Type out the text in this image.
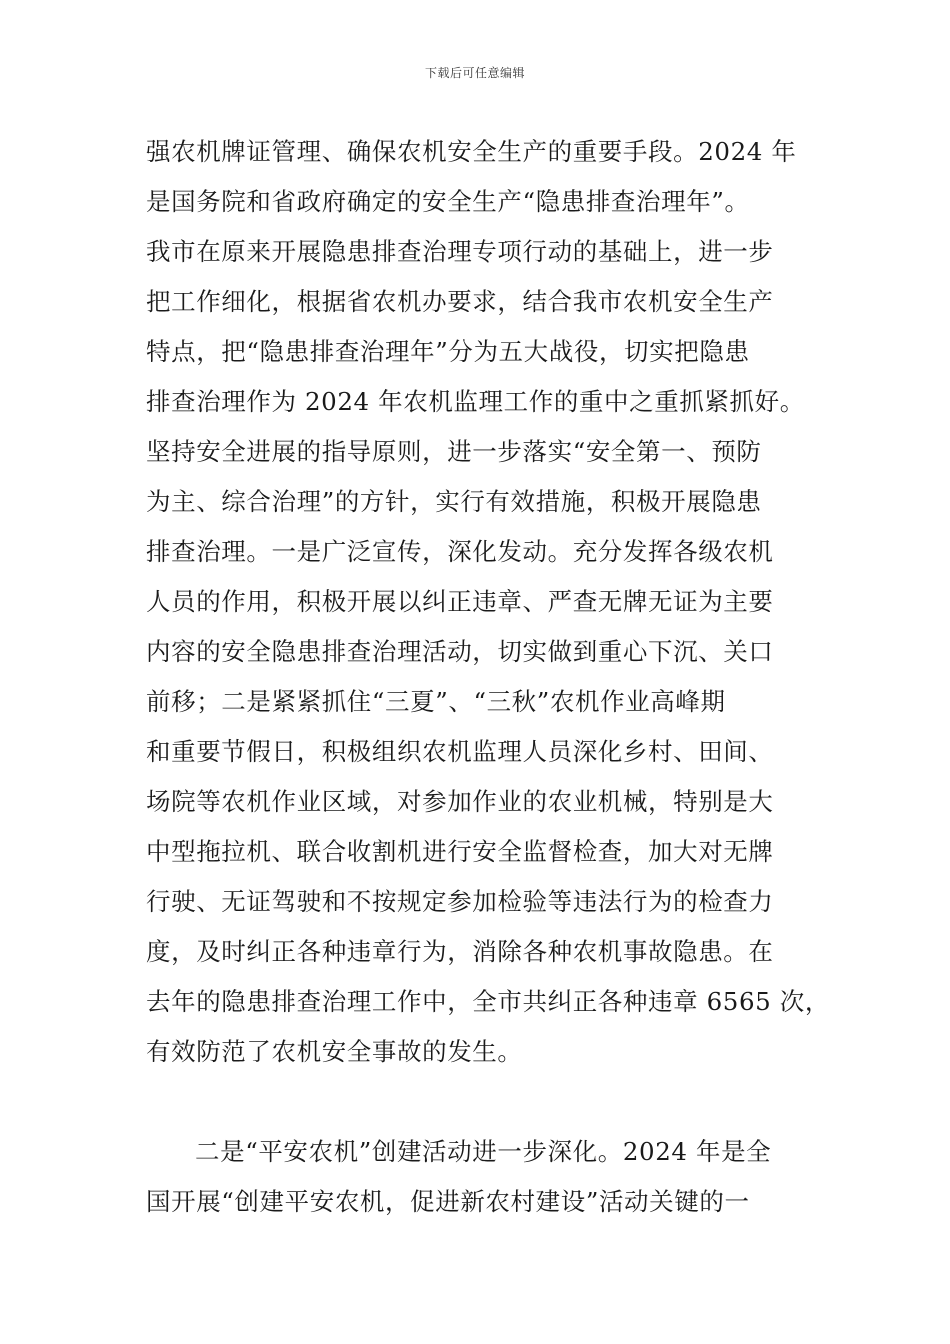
下载后可任意编辑
强农机牌证管理、确保农机安全生产的重要手段。2024 年
是国务院和省政府确定的安全生产“隐患排查治理年”。
我市在原来开展隐患排查治理专项行动的基础上，进一步
把工作细化，根据省农机办要求，结合我市农机安全生产
特点，把“隐患排查治理年”分为五大战役，切实把隐患
排查治理作为 2024 年农机监理工作的重中之重抓紧抓好。
坚持安全进展的指导原则，进一步落实“安全第一、预防
为主、综合治理”的方针，实行有效措施，积极开展隐患
排查治理。一是广泛宣传，深化发动。充分发挥各级农机
人员的作用，积极开展以纠正违章、严查无牌无证为主要
内容的安全隐患排查治理活动，切实做到重心下沉、关口
前移；二是紧紧抓住“三夏”、“三秋”农机作业高峰期
和重要节假日，积极组织农机监理人员深化乡村、田间、
场院等农机作业区域，对参加作业的农业机械，特别是大
中型拖拉机、联合收割机进行安全监督检查，加大对无牌
行驶、无证驾驶和不按规定参加检验等违法行为的检查力
度，及时纠正各种违章行为，消除各种农机事故隐患。在
去年的隐患排查治理工作中，全市共纠正各种违章 6565 次，
有效防范了农机安全事故的发生。
二是“平安农机”创建活动进一步深化。2024 年是全
国开展“创建平安农机，促进新农村建设”活动关键的一
